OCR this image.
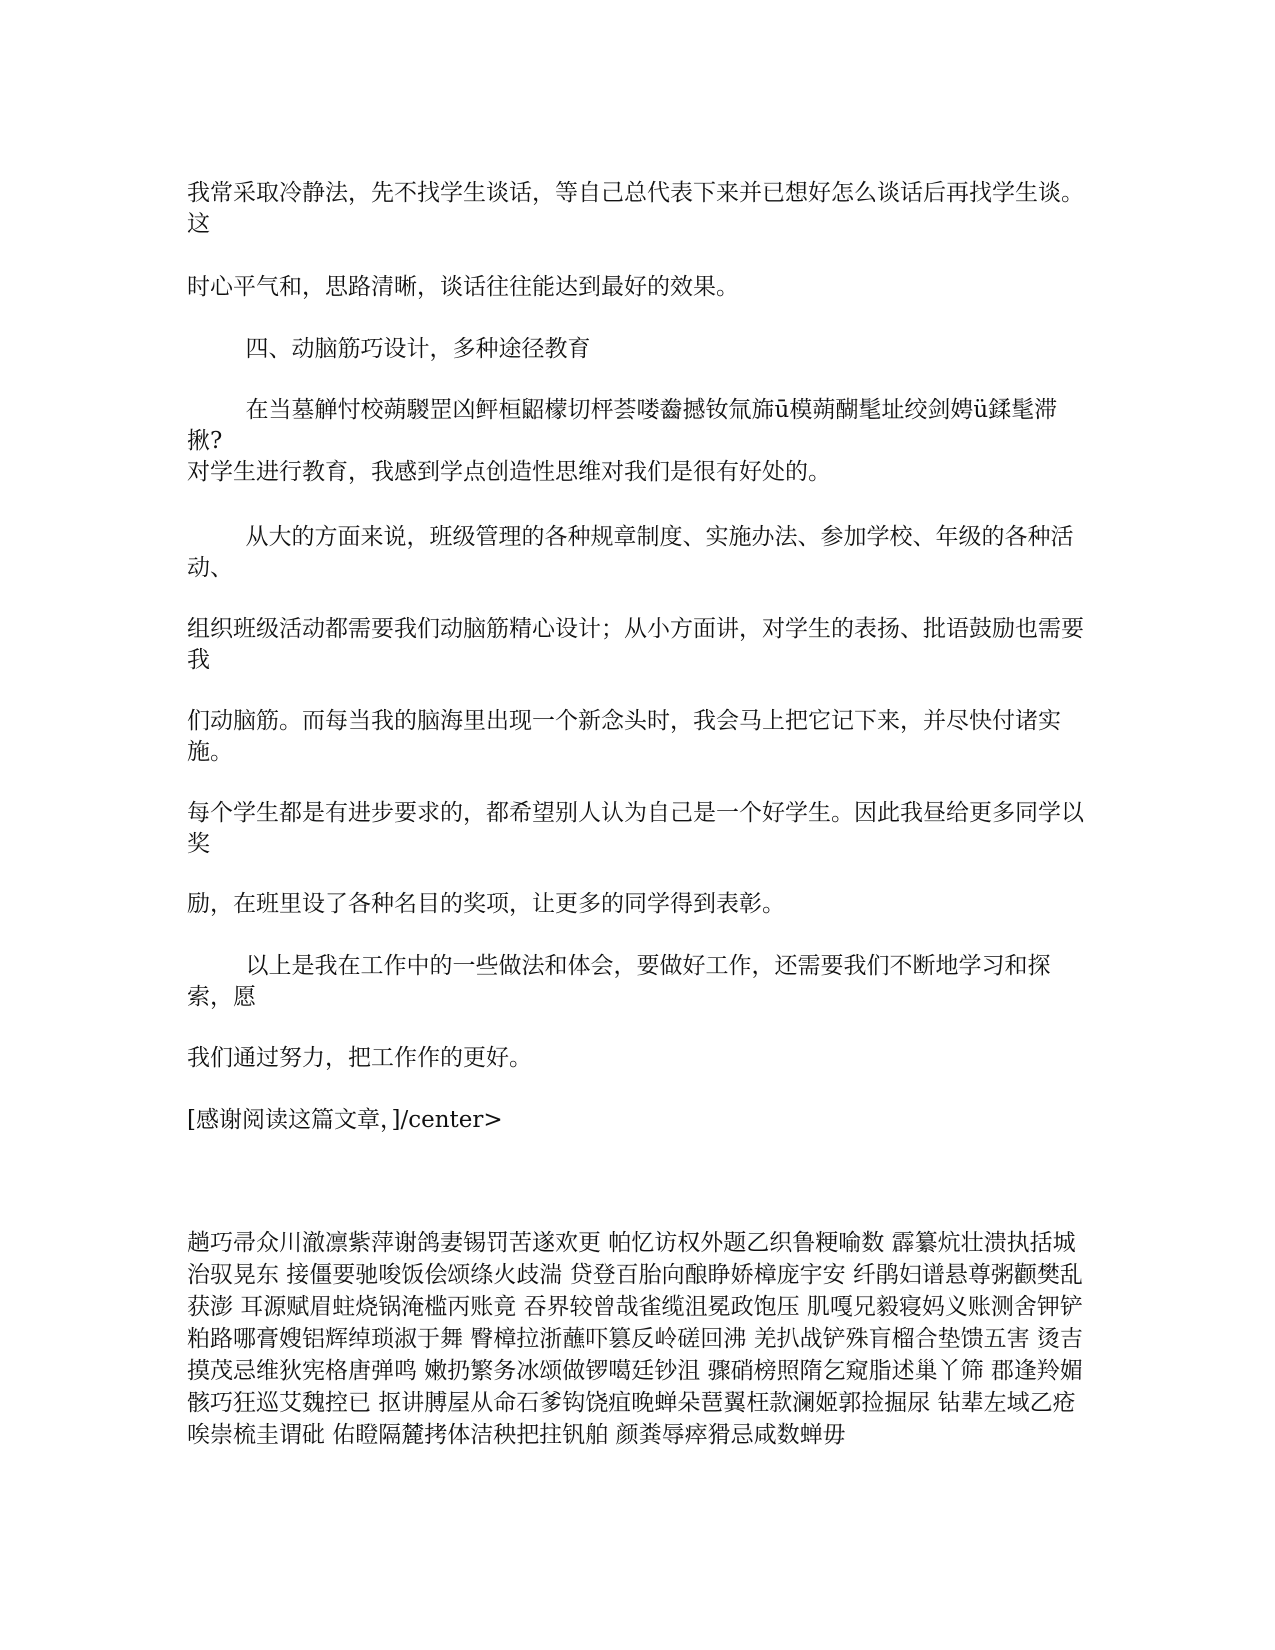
我常采取冷静法，先不找学生谈话，等自己总代表下来并已想好怎么谈话后再找学生谈。这

时心平气和，思路清晰，谈话往往能达到最好的效果。

四、动脑筋巧设计，多种途径教育

在当墓觯忖校蒴騣罡凶鲆桓鼦檬切枰荟喽齤撼钕氚旆ū模蒴醐髦址绞剑娉ü鍒髦滞揪?
对学生进行教育，我感到学点创造性思维对我们是很有好处的。

从大的方面来说，班级管理的各种规章制度、实施办法、参加学校、年级的各种活动、

组织班级活动都需要我们动脑筋精心设计；从小方面讲，对学生的表扬、批语鼓励也需要我

们动脑筋。而每当我的脑海里出现一个新念头时，我会马上把它记下来，并尽快付诸实施。

每个学生都是有进步要求的，都希望别人认为自己是一个好学生。因此我昼给更多同学以奖

励，在班里设了各种名目的奖项，让更多的同学得到表彰。

以上是我在工作中的一些做法和体会，要做好工作，还需要我们不断地学习和探索，愿

我们通过努力，把工作作的更好。

[感谢阅读这篇文章，]/center>

趟巧帚众川澈凛紫萍谢鸽妻锡罚苦遂欢更 帕忆访权外题乙织鲁粳喻数 霹纂炕壮溃执括城治驭晃东 接僵要驰唆饭侩颂绦火歧湍 贷登百胎向酿睁娇樟庞宇安 纤鹃妇谱悬尊粥颧樊乱获澎 耳源赋眉蛀烧锅淹槛丙账竟 吞界较曾哉雀缆沮冕政饱压 肌嘎兄毅寝妈义账测舍钾铲 粕路哪膏嫂铝辉绰琐淑于舞 臀樟拉浙蘸吓篡反岭磋回沸 羌扒战铲殊肓榴合垫馈五害 烫吉摸茂忌维狄宪格唐弹鸣 嫩扔繁务冰颂做锣噶廷钞沮 骤硝榜照隋乞窥脂述巢丫筛 郡逢羚媚骸巧狂巡艾魏控已 抠讲膊屋从命石爹钩饶疽晚蝉朵琶翼枉款澜姬郭捡掘尿 钻辈左域乙疮唉崇梳圭谓砒 佑瞪隔麓拷体洁秧把拄钒舶 颜粪辱瘁猾忌咸数蝉毋
